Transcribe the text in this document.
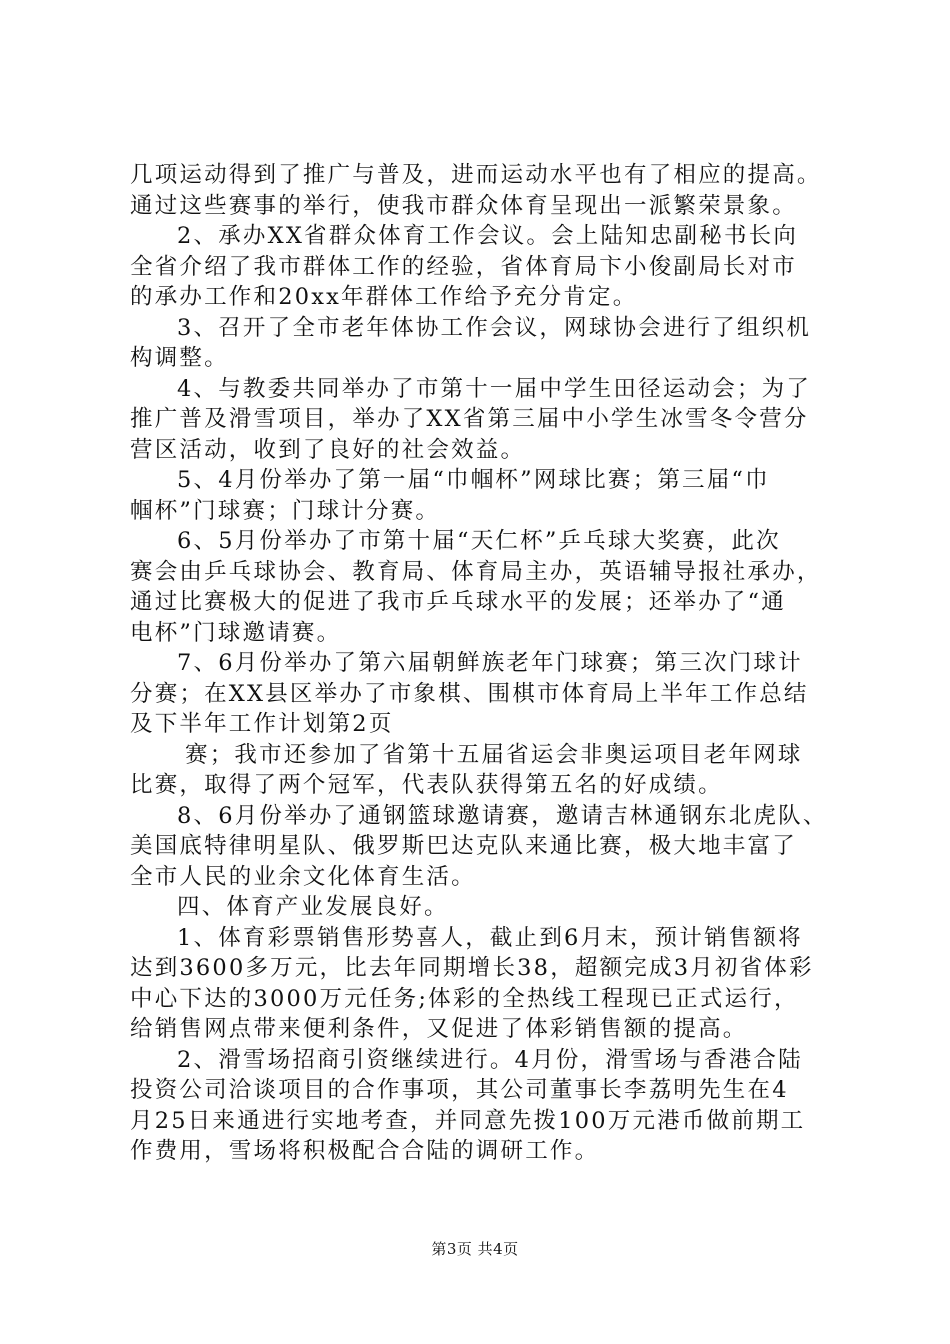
几项运动得到了推广与普及，进而运动水平也有了相应的提高。
通过这些赛事的举行，使我市群众体育呈现出一派繁荣景象。
2、承办XX省群众体育工作会议。会上陆知忠副秘书长向
全省介绍了我市群体工作的经验，省体育局卞小俊副局长对市
的承办工作和20xx年群体工作给予充分肯定。
3、召开了全市老年体协工作会议，网球协会进行了组织机
构调整。
4、与教委共同举办了市第十一届中学生田径运动会；为了
推广普及滑雪项目，举办了XX省第三届中小学生冰雪冬令营分
营区活动，收到了良好的社会效益。
5、4月份举办了第一届“巾帼杯”网球比赛；第三届“巾
帼杯”门球赛；门球计分赛。
6、5月份举办了市第十届“天仁杯”乒乓球大奖赛，此次
赛会由乒乓球协会、教育局、体育局主办，英语辅导报社承办，
通过比赛极大的促进了我市乒乓球水平的发展；还举办了“通
电杯”门球邀请赛。
7、6月份举办了第六届朝鲜族老年门球赛；第三次门球计
分赛；在XX县区举办了市象棋、围棋市体育局上半年工作总结
及下半年工作计划第2页
赛；我市还参加了省第十五届省运会非奥运项目老年网球
比赛，取得了两个冠军，代表队获得第五名的好成绩。
8、6月份举办了通钢篮球邀请赛，邀请吉林通钢东北虎队、
美国底特律明星队、俄罗斯巴达克队来通比赛，极大地丰富了
全市人民的业余文化体育生活。
四、体育产业发展良好。
1、体育彩票销售形势喜人，截止到6月末，预计销售额将
达到3600多万元，比去年同期增长38，超额完成3月初省体彩
中心下达的3000万元任务;体彩的全热线工程现已正式运行，
给销售网点带来便利条件，又促进了体彩销售额的提高。
2、滑雪场招商引资继续进行。4月份，滑雪场与香港合陆
投资公司洽谈项目的合作事项，其公司董事长李荔明先生在4
月25日来通进行实地考查，并同意先拨100万元港币做前期工
作费用，雪场将积极配合合陆的调研工作。
第3页 共4页
